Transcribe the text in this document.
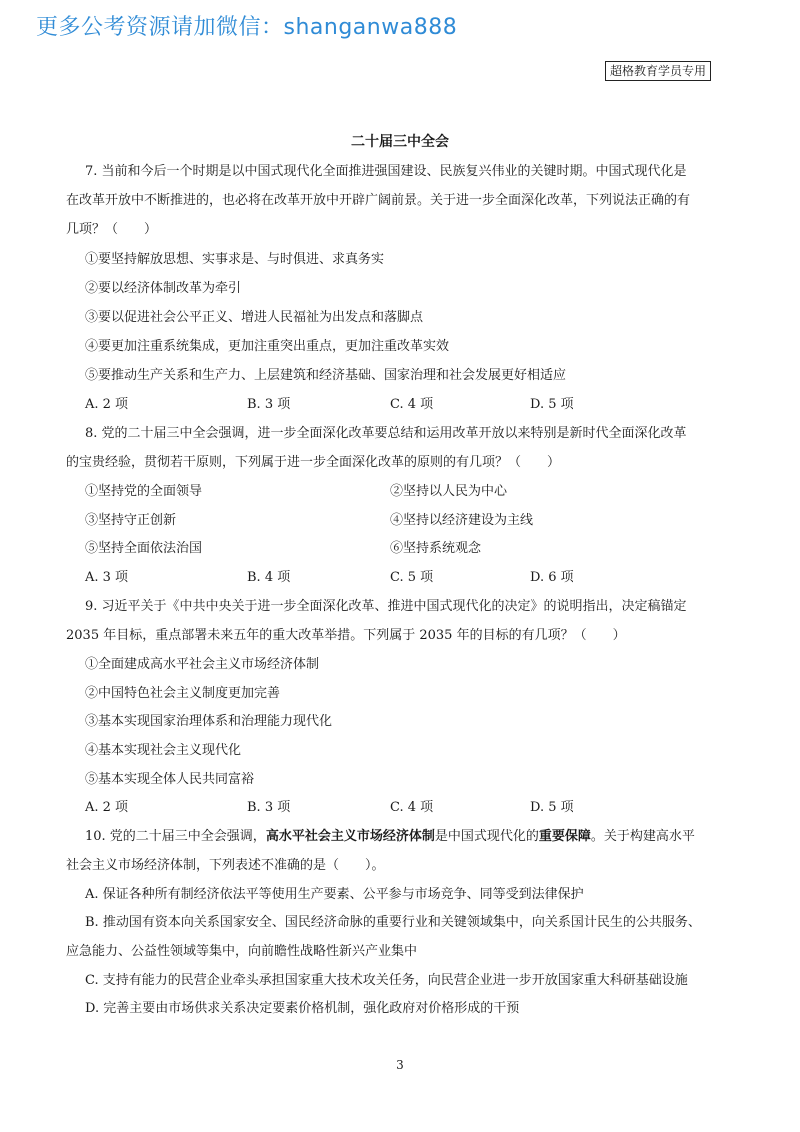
更多公考资源请加微信：shanganwa888
超格教育学员专用
二十届三中全会
7. 当前和今后一个时期是以中国式现代化全面推进强国建设、民族复兴伟业的关键时期。中国式现代化是
在改革开放中不断推进的，也必将在改革开放中开辟广阔前景。关于进一步全面深化改革，下列说法正确的有
几项？（　　）
①要坚持解放思想、实事求是、与时俱进、求真务实
②要以经济体制改革为牵引
③要以促进社会公平正义、增进人民福祉为出发点和落脚点
④要更加注重系统集成，更加注重突出重点，更加注重改革实效
⑤要推动生产关系和生产力、上层建筑和经济基础、国家治理和社会发展更好相适应
A. 2 项	B. 3 项	C. 4 项	D. 5 项
8. 党的二十届三中全会强调，进一步全面深化改革要总结和运用改革开放以来特别是新时代全面深化改革
的宝贵经验，贯彻若干原则，下列属于进一步全面深化改革的原则的有几项？（　　）
①坚持党的全面领导	②坚持以人民为中心
③坚持守正创新	④坚持以经济建设为主线
⑤坚持全面依法治国	⑥坚持系统观念
A. 3 项	B. 4 项	C. 5 项	D. 6 项
9. 习近平关于《中共中央关于进一步全面深化改革、推进中国式现代化的决定》的说明指出，决定稿锚定
2035 年目标，重点部署未来五年的重大改革举措。下列属于 2035 年的目标的有几项？（　　）
①全面建成高水平社会主义市场经济体制
②中国特色社会主义制度更加完善
③基本实现国家治理体系和治理能力现代化
④基本实现社会主义现代化
⑤基本实现全体人民共同富裕
A. 2 项	B. 3 项	C. 4 项	D. 5 项
10. 党的二十届三中全会强调，高水平社会主义市场经济体制是中国式现代化的重要保障。关于构建高水平
社会主义市场经济体制，下列表述不准确的是（　　）。
A. 保证各种所有制经济依法平等使用生产要素、公平参与市场竞争、同等受到法律保护
B. 推动国有资本向关系国家安全、国民经济命脉的重要行业和关键领域集中，向关系国计民生的公共服务、
应急能力、公益性领域等集中，向前瞻性战略性新兴产业集中
C. 支持有能力的民营企业牵头承担国家重大技术攻关任务，向民营企业进一步开放国家重大科研基础设施
D. 完善主要由市场供求关系决定要素价格机制，强化政府对价格形成的干预
3
